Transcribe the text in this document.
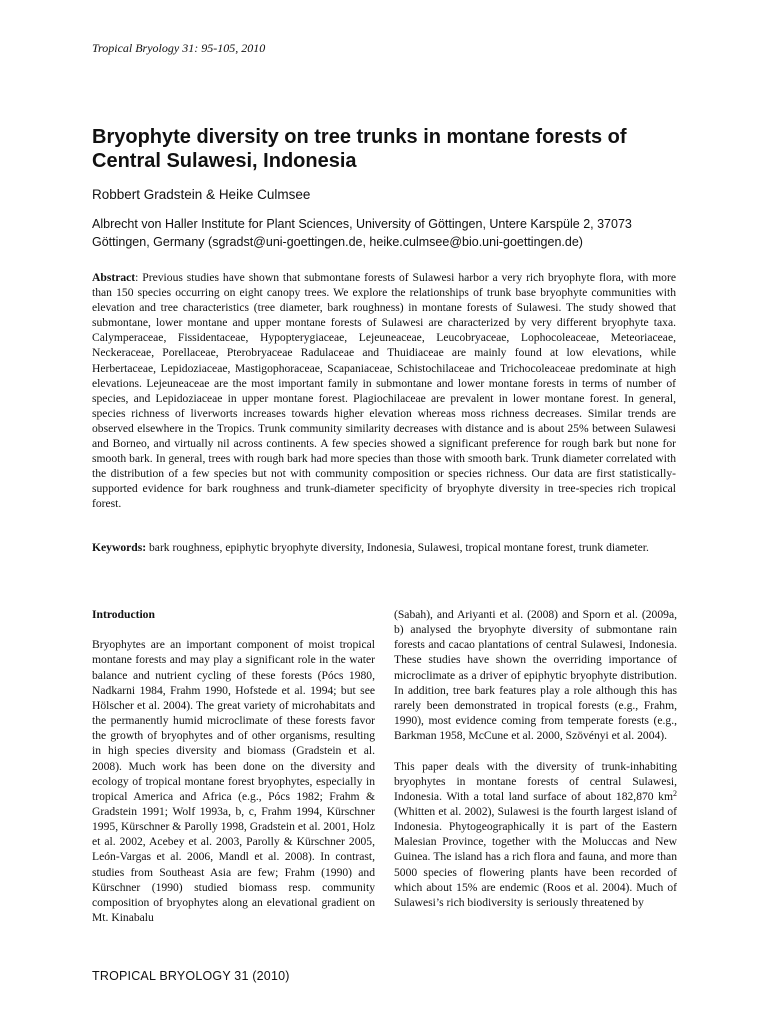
Tropical Bryology 31: 95-105, 2010
Bryophyte diversity on tree trunks in montane forests of Central Sulawesi, Indonesia
Robbert Gradstein & Heike Culmsee
Albrecht von Haller Institute for Plant Sciences, University of Göttingen, Untere Karspüle 2, 37073 Göttingen, Germany (sgradst@uni-goettingen.de, heike.culmsee@bio.uni-goettingen.de)
Abstract: Previous studies have shown that submontane forests of Sulawesi harbor a very rich bryophyte flora, with more than 150 species occurring on eight canopy trees. We explore the relationships of trunk base bryophyte communities with elevation and tree characteristics (tree diameter, bark roughness) in montane forests of Sulawesi. The study showed that submontane, lower montane and upper montane forests of Sulawesi are characterized by very different bryophyte taxa. Calymperaceae, Fissidentaceae, Hypopterygiaceae, Lejeuneaceae, Leucobryaceae, Lophocoleaceae, Meteoriaceae, Neckeraceae, Porellaceae, Pterobryaceae Radulaceae and Thuidiaceae are mainly found at low elevations, while Herbertaceae, Lepidoziaceae, Mastigophoraceae, Scapaniaceae, Schistochilaceae and Trichocoleaceae predominate at high elevations. Lejeuneaceae are the most important family in submontane and lower montane forests in terms of number of species, and Lepidoziaceae in upper montane forest. Plagiochilaceae are prevalent in lower montane forest. In general, species richness of liverworts increases towards higher elevation whereas moss richness decreases. Similar trends are observed elsewhere in the Tropics. Trunk community similarity decreases with distance and is about 25% between Sulawesi and Borneo, and virtually nil across continents. A few species showed a significant preference for rough bark but none for smooth bark. In general, trees with rough bark had more species than those with smooth bark. Trunk diameter correlated with the distribution of a few species but not with community composition or species richness. Our data are first statistically-supported evidence for bark roughness and trunk-diameter specificity of bryophyte diversity in tree-species rich tropical forest.
Keywords: bark roughness, epiphytic bryophyte diversity, Indonesia, Sulawesi, tropical montane forest, trunk diameter.

Introduction

Bryophytes are an important component of moist tropical montane forests and may play a significant role in the water balance and nutrient cycling of these forests (Pócs 1980, Nadkarni 1984, Frahm 1990, Hofstede et al. 1994; but see Hölscher et al. 2004). The great variety of microhabitats and the permanently humid microclimate of these forests favor the growth of bryophytes and of other organisms, resulting in high species diversity and biomass (Gradstein et al. 2008). Much work has been done on the diversity and ecology of tropical montane forest bryophytes, especially in tropical America and Africa (e.g., Pócs 1982; Frahm & Gradstein 1991; Wolf 1993a, b, c, Frahm 1994, Kürschner 1995, Kürschner & Parolly 1998, Gradstein et al. 2001, Holz et al. 2002, Acebey et al. 2003, Parolly & Kürschner 2005, León-Vargas et al. 2006, Mandl et al. 2008). In contrast, studies from Southeast Asia are few; Frahm (1990) and Kürschner (1990) studied biomass resp. community composition of bryophytes along an elevational gradient on Mt. Kinabalu

(Sabah), and Ariyanti et al. (2008) and Sporn et al. (2009a, b) analysed the bryophyte diversity of submontane rain forests and cacao plantations of central Sulawesi, Indonesia. These studies have shown the overriding importance of microclimate as a driver of epiphytic bryophyte distribution. In addition, tree bark features play a role although this has rarely been demonstrated in tropical forests (e.g., Frahm, 1990), most evidence coming from temperate forests (e.g., Barkman 1958, McCune et al. 2000, Szövényi et al. 2004).

This paper deals with the diversity of trunk-inhabiting bryophytes in montane forests of central Sulawesi, Indonesia. With a total land surface of about 182,870 $km^2$ (Whitten et al. 2002), Sulawesi is the fourth largest island of Indonesia. Phytogeographically it is part of the Eastern Malesian Province, together with the Moluccas and New Guinea. The island has a rich flora and fauna, and more than 5000 species of flowering plants have been recorded of which about 15% are endemic (Roos et al. 2004). Much of Sulawesi’s rich biodiversity is seriously threatened by

TROPICAL BRYOLOGY 31 (2010)
